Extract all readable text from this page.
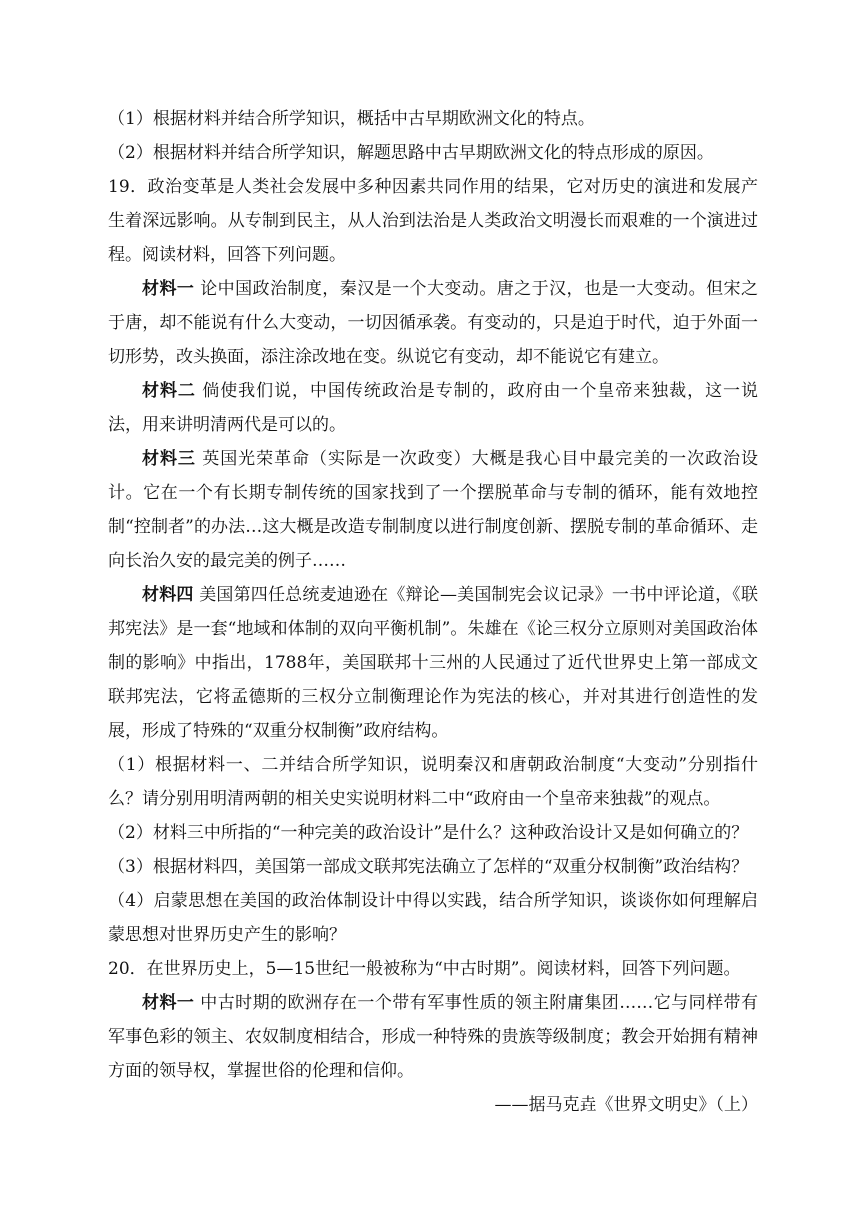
（1）根据材料并结合所学知识，概括中古早期欧洲文化的特点。

（2）根据材料并结合所学知识，解题思路中古早期欧洲文化的特点形成的原因。

19．政治变革是人类社会发展中多种因素共同作用的结果，它对历史的演进和发展产生着深远影响。从专制到民主，从人治到法治是人类政治文明漫长而艰难的一个演进过程。阅读材料，回答下列问题。

材料一 论中国政治制度，秦汉是一个大变动。唐之于汉，也是一大变动。但宋之于唐，却不能说有什么大变动，一切因循承袭。有变动的，只是迫于时代，迫于外面一切形势，改头换面，添注涂改地在变。纵说它有变动，却不能说它有建立。

材料二 倘使我们说，中国传统政治是专制的，政府由一个皇帝来独裁，这一说法，用来讲明清两代是可以的。

材料三 英国光荣革命（实际是一次政变）大概是我心目中最完美的一次政治设计。它在一个有长期专制传统的国家找到了一个摆脱革命与专制的循环，能有效地控制“控制者”的办法…这大概是改造专制制度以进行制度创新、摆脱专制的革命循环、走向长治久安的最完美的例子……

材料四 美国第四任总统麦迪逊在《辩论—美国制宪会议记录》一书中评论道，《联邦宪法》是一套“地域和体制的双向平衡机制”。朱雄在《论三权分立原则对美国政治体制的影响》中指出，1788年，美国联邦十三州的人民通过了近代世界史上第一部成文联邦宪法，它将孟德斯的三权分立制衡理论作为宪法的核心，并对其进行创造性的发展，形成了特殊的“双重分权制衡”政府结构。

（1）根据材料一、二并结合所学知识，说明秦汉和唐朝政治制度“大变动”分别指什么？请分别用明清两朝的相关史实说明材料二中“政府由一个皇帝来独裁”的观点。

（2）材料三中所指的“一种完美的政治设计”是什么？这种政治设计又是如何确立的？

（3）根据材料四，美国第一部成文联邦宪法确立了怎样的“双重分权制衡”政治结构？

（4）启蒙思想在美国的政治体制设计中得以实践，结合所学知识，谈谈你如何理解启蒙思想对世界历史产生的影响？

20．在世界历史上，5—15世纪一般被称为“中古时期”。阅读材料，回答下列问题。

材料一 中古时期的欧洲存在一个带有军事性质的领主附庸集团……它与同样带有军事色彩的领主、农奴制度相结合，形成一种特殊的贵族等级制度；教会开始拥有精神方面的领导权，掌握世俗的伦理和信仰。

——据马克垚《世界文明史》（上）
